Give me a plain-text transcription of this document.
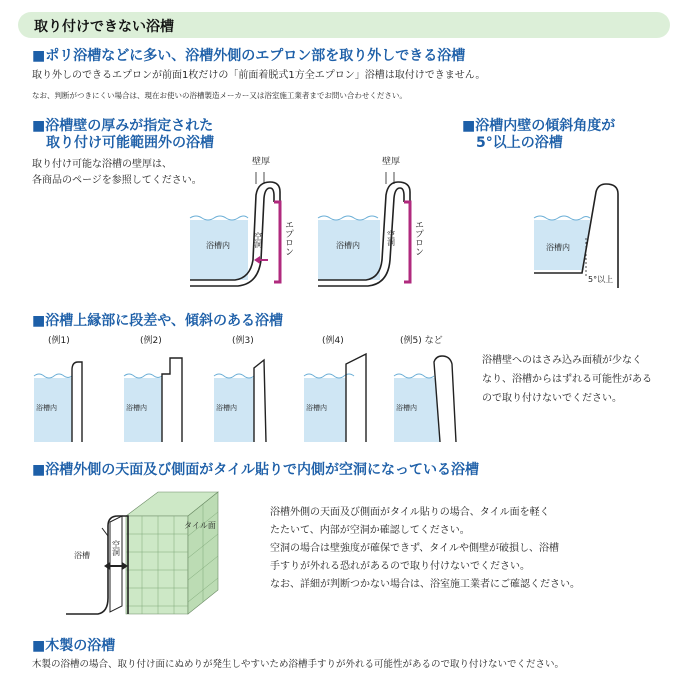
取り付けできない浴槽
■ポリ浴槽などに多い、浴槽外側のエプロン部を取り外しできる浴槽
取り外しのできるエプロンが前面1枚だけの「前面着脱式1方全エプロン」浴槽は取付けできません。
なお、判断がつきにくい場合は、現在お使いの浴槽製造メーカー又は浴室施工業者までお問い合わせください。
■浴槽壁の厚みが指定された
　取り付け可能範囲外の浴槽
取り付け可能な浴槽の壁厚は、
各商品のページを参照してください。
壁厚
浴槽内	空洞 エプロン
壁厚
浴槽内	空洞 エプロン
■浴槽内壁の傾斜角度が
　5°以上の浴槽
浴槽内
5°以上
■浴槽上縁部に段差や、傾斜のある浴槽
(例1)	(例2)	(例3)	(例4)	(例5) など
浴槽内	浴槽内	浴槽内	浴槽内	浴槽内
浴槽壁へのはさみ込み面積が少なく
なり、浴槽からはずれる可能性がある
ので取り付けないでください。
■浴槽外側の天面及び側面がタイル貼りで内側が空洞になっている浴槽
空洞
タイル面
浴槽
浴槽外側の天面及び側面がタイル貼りの場合、タイル面を軽く
たたいて、内部が空洞か確認してください。
空洞の場合は壁強度が確保できず、タイルや側壁が破損し、浴槽
手すりが外れる恐れがあるので取り付けないでください。
なお、詳細が判断つかない場合は、浴室施工業者にご確認ください。
■木製の浴槽
木製の浴槽の場合、取り付け面にぬめりが発生しやすいため浴槽手すりが外れる可能性があるので取り付けないでください。
